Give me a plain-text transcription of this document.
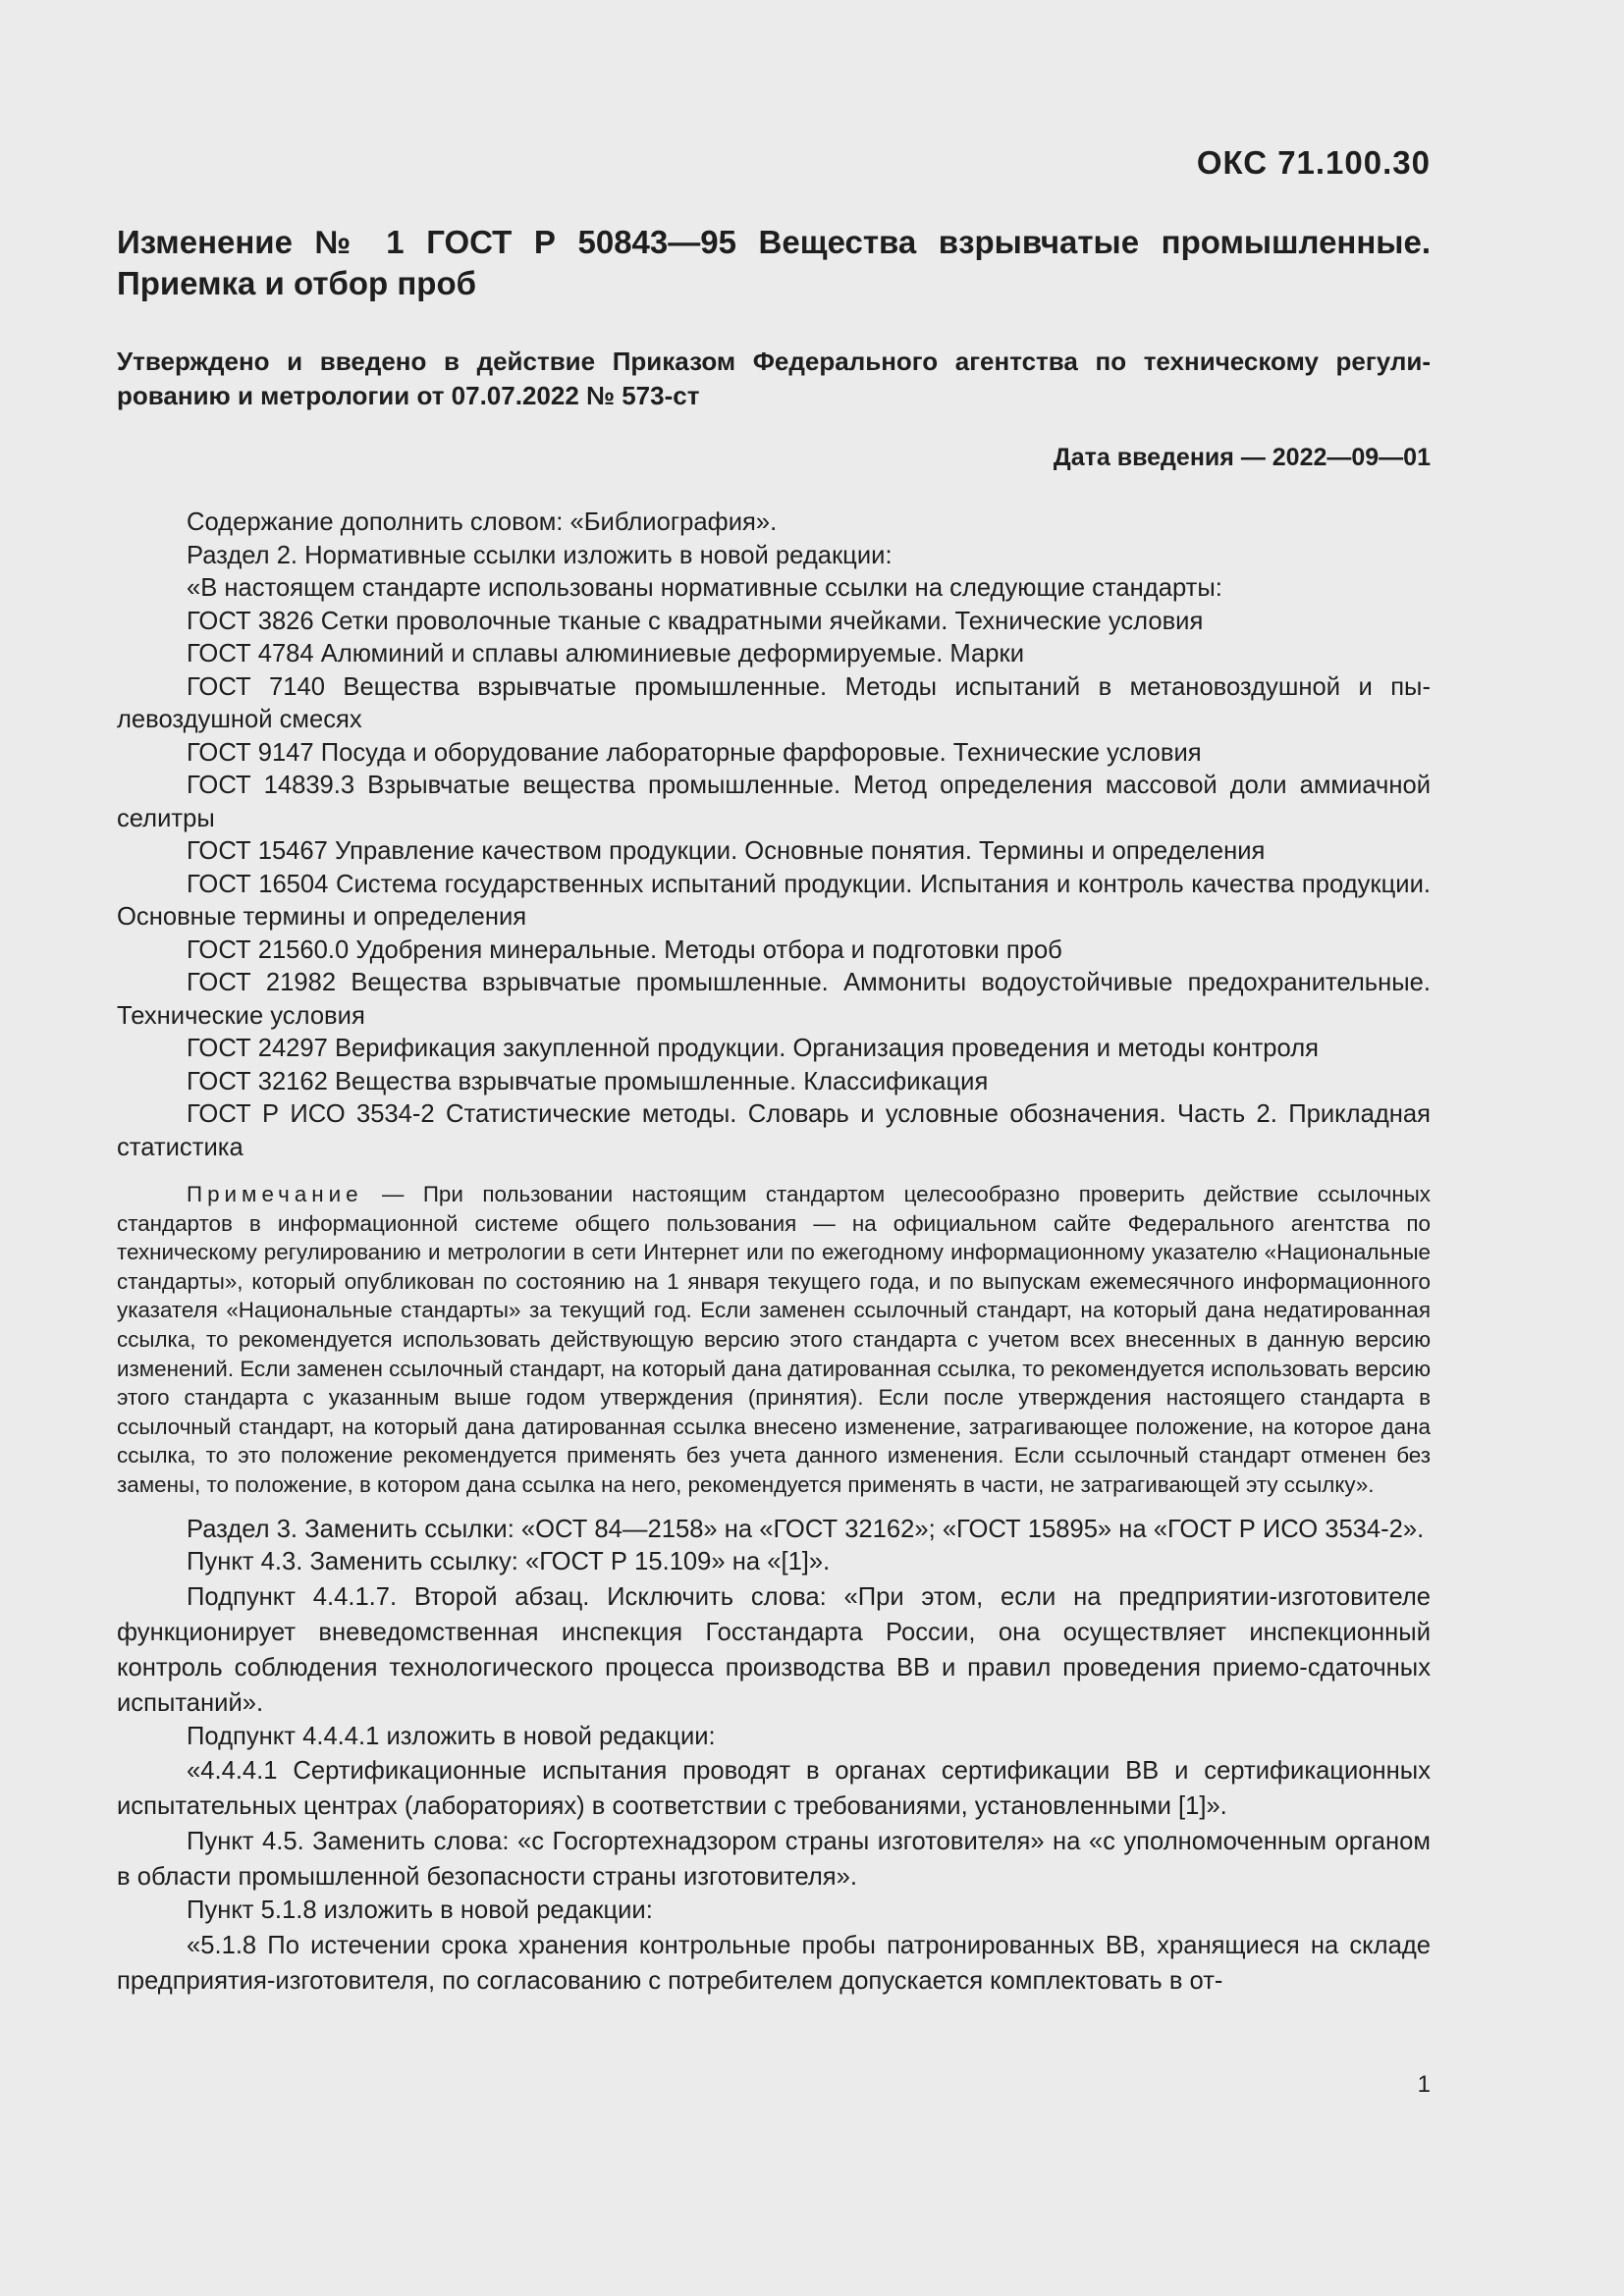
ОКС 71.100.30
Изменение № 1 ГОСТ Р 50843—95 Вещества взрывчатые промышленные. Приемка и отбор проб
Утверждено и введено в действие Приказом Федерального агентства по техническому регулированию и метрологии от 07.07.2022 № 573-ст
Дата введения — 2022—09—01

Содержание дополнить словом: «Библиография».

Раздел 2. Нормативные ссылки изложить в новой редакции:

«В настоящем стандарте использованы нормативные ссылки на следующие стандарты:

ГОСТ 3826 Сетки проволочные тканые с квадратными ячейками. Технические условия

ГОСТ 4784 Алюминий и сплавы алюминиевые деформируемые. Марки

ГОСТ 7140 Вещества взрывчатые промышленные. Методы испытаний в метановоздушной и пылевоздушной смесях

ГОСТ 9147 Посуда и оборудование лабораторные фарфоровые. Технические условия

ГОСТ 14839.3 Взрывчатые вещества промышленные. Метод определения массовой доли аммиачной селитры

ГОСТ 15467 Управление качеством продукции. Основные понятия. Термины и определения

ГОСТ 16504 Система государственных испытаний продукции. Испытания и контроль качества продукции. Основные термины и определения

ГОСТ 21560.0 Удобрения минеральные. Методы отбора и подготовки проб

ГОСТ 21982 Вещества взрывчатые промышленные. Аммониты водоустойчивые предохранительные. Технические условия

ГОСТ 24297 Верификация закупленной продукции. Организация проведения и методы контроля

ГОСТ 32162 Вещества взрывчатые промышленные. Классификация

ГОСТ Р ИСО 3534-2 Статистические методы. Словарь и условные обозначения. Часть 2. Прикладная статистика

Примечание — При пользовании настоящим стандартом целесообразно проверить действие ссылочных стандартов в информационной системе общего пользования — на официальном сайте Федерального агентства по техническому регулированию и метрологии в сети Интернет или по ежегодному информационному указателю «Национальные стандарты», который опубликован по состоянию на 1 января текущего года, и по выпускам ежемесячного информационного указателя «Национальные стандарты» за текущий год. Если заменен ссылочный стандарт, на который дана недатированная ссылка, то рекомендуется использовать действующую версию этого стандарта с учетом всех внесенных в данную версию изменений. Если заменен ссылочный стандарт, на который дана датированная ссылка, то рекомендуется использовать версию этого стандарта с указанным выше годом утверждения (принятия). Если после утверждения настоящего стандарта в ссылочный стандарт, на который дана датированная ссылка внесено изменение, затрагивающее положение, на которое дана ссылка, то это положение рекомендуется применять без учета данного изменения. Если ссылочный стандарт отменен без замены, то положение, в котором дана ссылка на него, рекомендуется применять в части, не затрагивающей эту ссылку».

Раздел 3. Заменить ссылки: «ОСТ 84—2158» на «ГОСТ 32162»; «ГОСТ 15895» на «ГОСТ Р ИСО 3534-2».

Пункт 4.3. Заменить ссылку: «ГОСТ Р 15.109» на «[1]».

Подпункт 4.4.1.7. Второй абзац. Исключить слова: «При этом, если на предприятии-изготовителе функционирует вневедомственная инспекция Госстандарта России, она осуществляет инспекционный контроль соблюдения технологического процесса производства ВВ и правил проведения приемо-сдаточных испытаний».

Подпункт 4.4.4.1 изложить в новой редакции:

«4.4.4.1 Сертификационные испытания проводят в органах сертификации ВВ и сертификационных испытательных центрах (лабораториях) в соответствии с требованиями, установленными [1]».

Пункт 4.5. Заменить слова: «с Госгортехнадзором страны изготовителя» на «с уполномоченным органом в области промышленной безопасности страны изготовителя».

Пункт 5.1.8 изложить в новой редакции:

«5.1.8 По истечении срока хранения контрольные пробы патронированных ВВ, хранящиеся на складе предприятия-изготовителя, по согласованию с потребителем допускается комплектовать в от-

1
